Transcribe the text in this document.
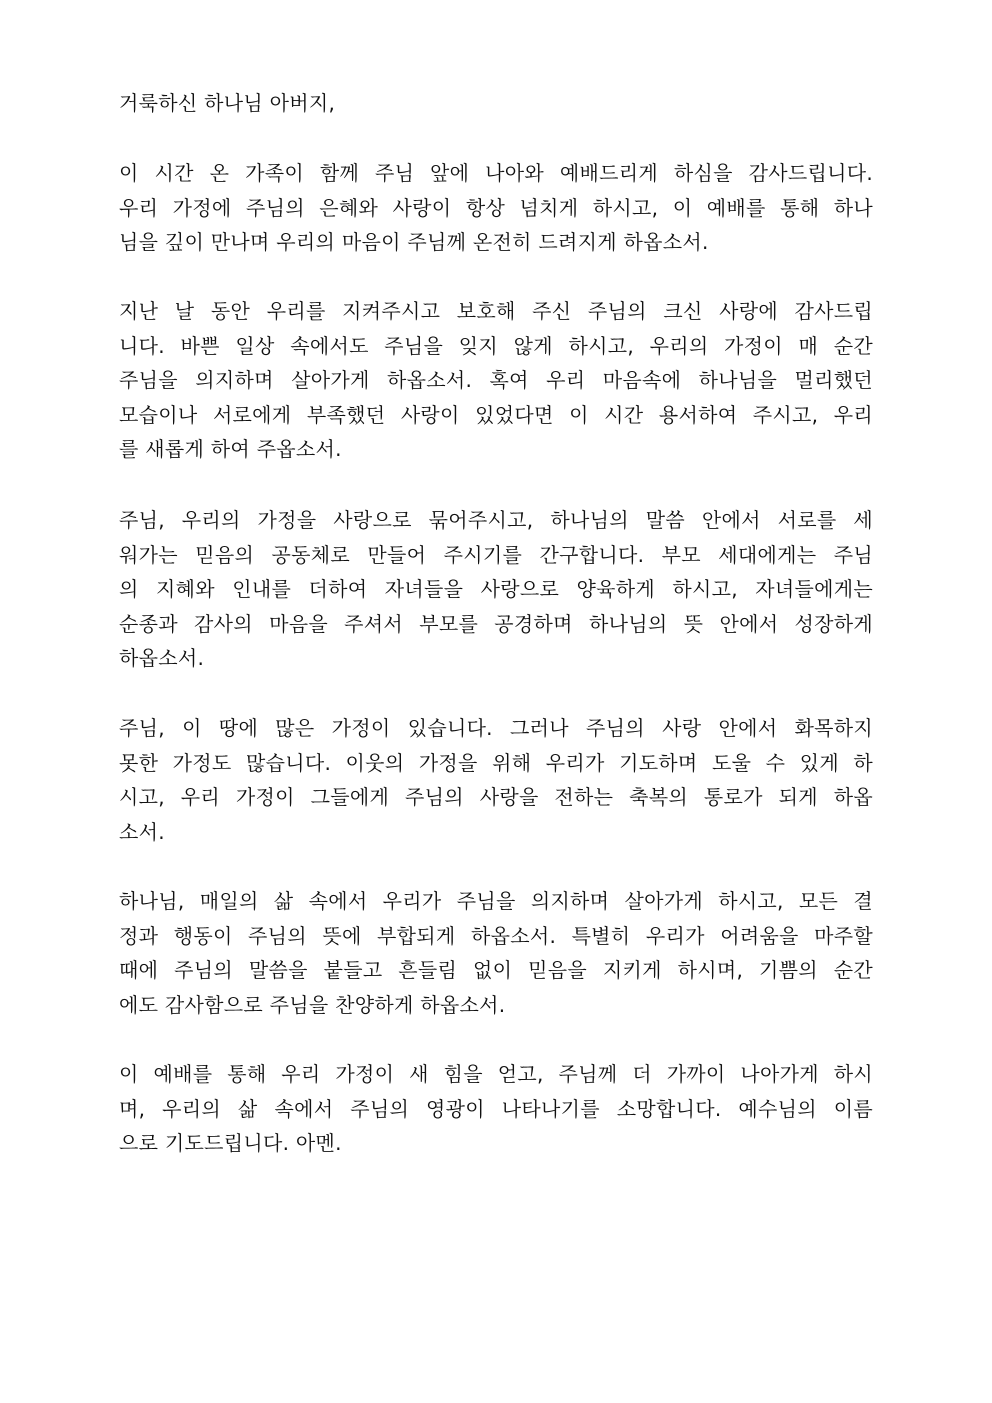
거룩하신 하나님 아버지,
이 시간 온 가족이 함께 주님 앞에 나아와 예배드리게 하심을 감사드립니다.
우리 가정에 주님의 은혜와 사랑이 항상 넘치게 하시고, 이 예배를 통해 하나
님을 깊이 만나며 우리의 마음이 주님께 온전히 드려지게 하옵소서.
지난 날 동안 우리를 지켜주시고 보호해 주신 주님의 크신 사랑에 감사드립
니다. 바쁜 일상 속에서도 주님을 잊지 않게 하시고, 우리의 가정이 매 순간
주님을 의지하며 살아가게 하옵소서. 혹여 우리 마음속에 하나님을 멀리했던
모습이나 서로에게 부족했던 사랑이 있었다면 이 시간 용서하여 주시고, 우리
를 새롭게 하여 주옵소서.
주님, 우리의 가정을 사랑으로 묶어주시고, 하나님의 말씀 안에서 서로를 세
워가는 믿음의 공동체로 만들어 주시기를 간구합니다. 부모 세대에게는 주님
의 지혜와 인내를 더하여 자녀들을 사랑으로 양육하게 하시고, 자녀들에게는
순종과 감사의 마음을 주셔서 부모를 공경하며 하나님의 뜻 안에서 성장하게
하옵소서.
주님, 이 땅에 많은 가정이 있습니다. 그러나 주님의 사랑 안에서 화목하지
못한 가정도 많습니다. 이웃의 가정을 위해 우리가 기도하며 도울 수 있게 하
시고, 우리 가정이 그들에게 주님의 사랑을 전하는 축복의 통로가 되게 하옵
소서.
하나님, 매일의 삶 속에서 우리가 주님을 의지하며 살아가게 하시고, 모든 결
정과 행동이 주님의 뜻에 부합되게 하옵소서. 특별히 우리가 어려움을 마주할
때에 주님의 말씀을 붙들고 흔들림 없이 믿음을 지키게 하시며, 기쁨의 순간
에도 감사함으로 주님을 찬양하게 하옵소서.
이 예배를 통해 우리 가정이 새 힘을 얻고, 주님께 더 가까이 나아가게 하시
며, 우리의 삶 속에서 주님의 영광이 나타나기를 소망합니다. 예수님의 이름
으로 기도드립니다. 아멘.
